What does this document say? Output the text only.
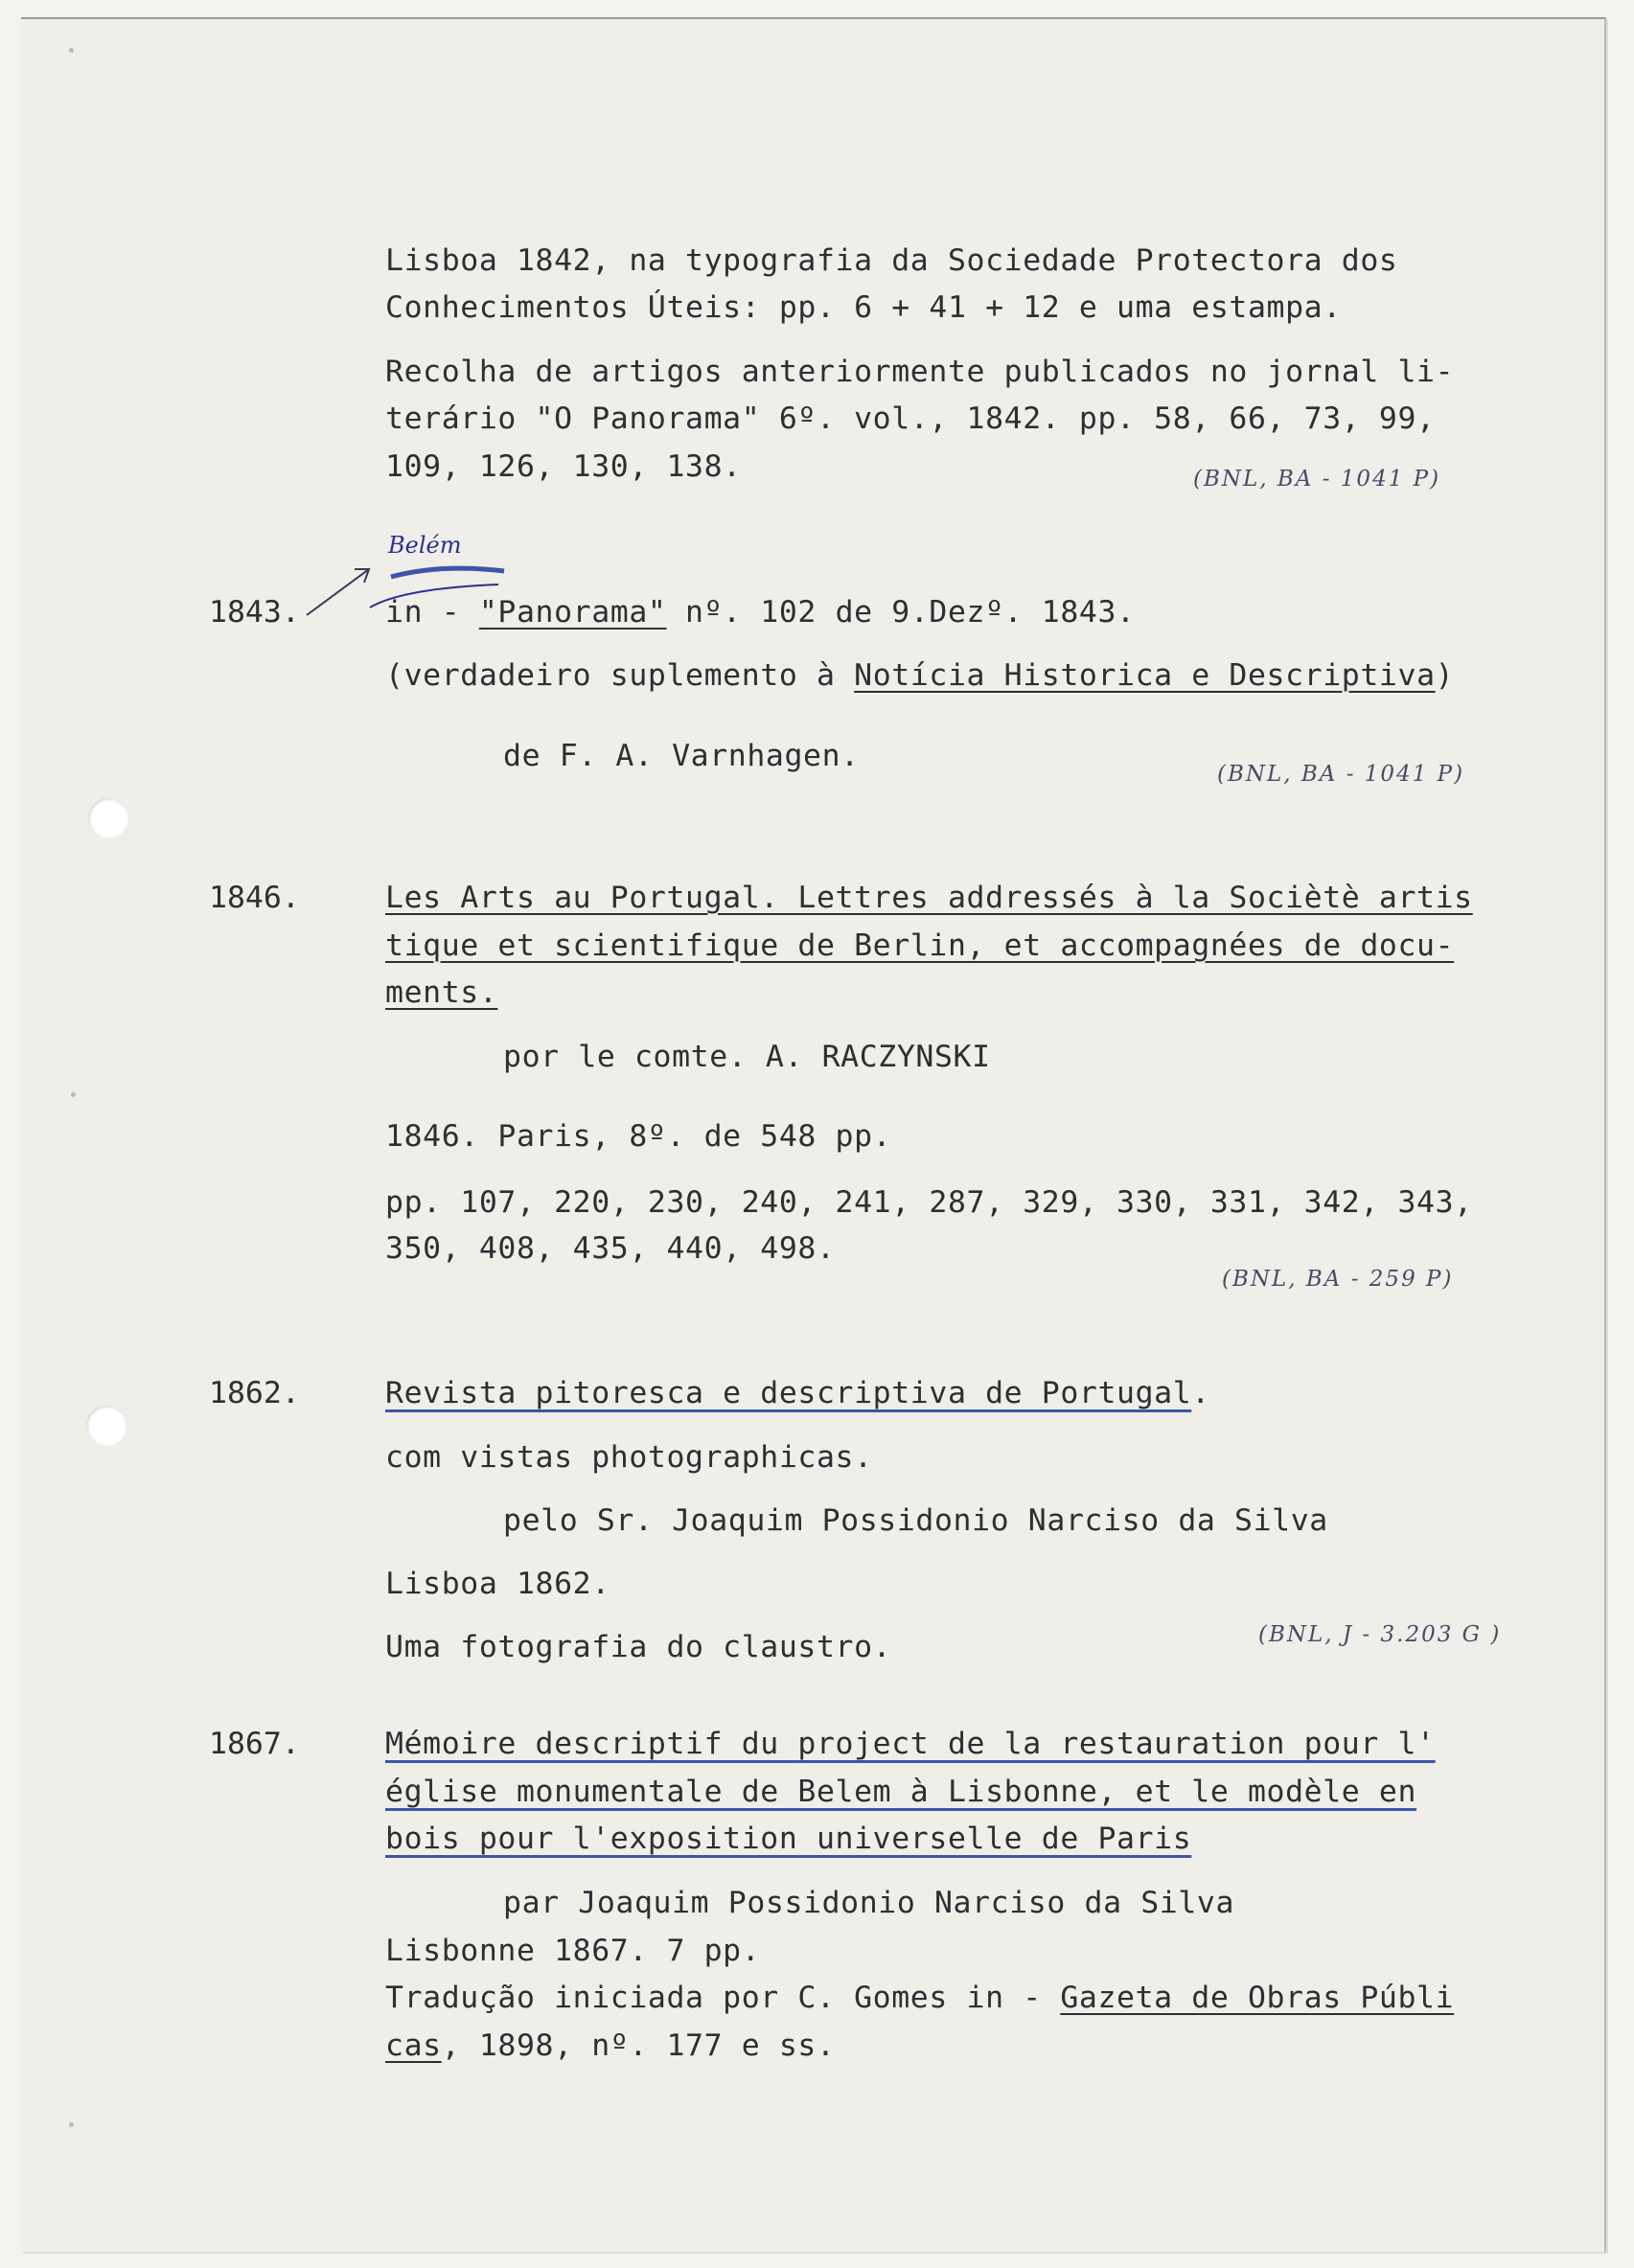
Lisboa 1842, na typografia da Sociedade Protectora dos
Conhecimentos Úteis: pp. 6 + 41 + 12 e uma estampa.
Recolha de artigos anteriormente publicados no jornal li-
terário "O Panorama" 6º. vol., 1842. pp. 58, 66, 73, 99,
109, 126, 130, 138.	(BNL, BA - 1041 P)
Belém
1843.	in - "Panorama" nº. 102 de 9.Dezº. 1843.
(verdadeiro suplemento à Notícia Historica e Descriptiva)
de F. A. Varnhagen.
(BNL, BA - 1041 P)
1846.	Les Arts au Portugal. Lettres addressés à la Sociètè artis
tique et scientifique de Berlin, et accompagnées de docu-
ments.
por le comte. A. RACZYNSKI
1846. Paris, 8º. de 548 pp.
pp. 107, 220, 230, 240, 241, 287, 329, 330, 331, 342, 343,
350, 408, 435, 440, 498.
(BNL, BA - 259 P)
1862.	Revista pitoresca e descriptiva de Portugal.
com vistas photographicas.
pelo Sr. Joaquim Possidonio Narciso da Silva
Lisboa 1862.
Uma fotografia do claustro.	(BNL, J - 3.203 G )
1867.	Mémoire descriptif du project de la restauration pour l'
église monumentale de Belem à Lisbonne, et le modèle en
bois pour l'exposition universelle de Paris
par Joaquim Possidonio Narciso da Silva
Lisbonne 1867. 7 pp.
Tradução iniciada por C. Gomes in - Gazeta de Obras Públi
cas, 1898, nº. 177 e ss.
